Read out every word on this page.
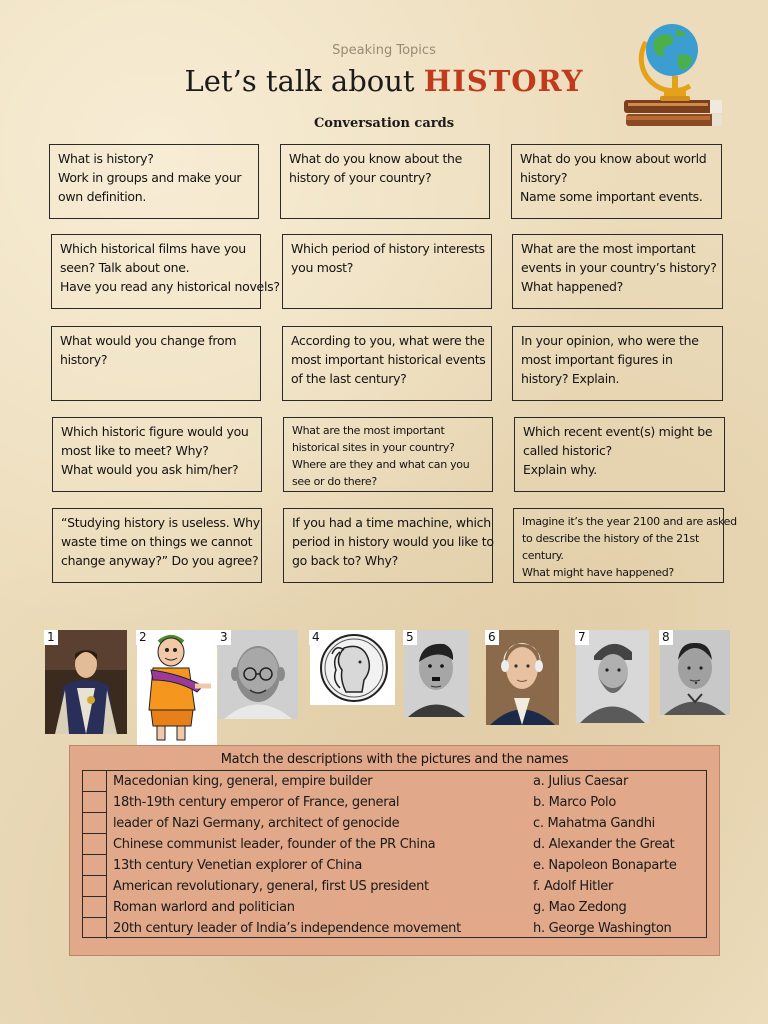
Speaking Topics
Let’s talk about HISTORY
Conversation cards
What is history?
Work in groups and make your
own definition.
What do you know about the
history of your country?
What do you know about world
history?
Name some important events.
Which historical films have you
seen? Talk about one.
Have you read any historical novels?
Which period of history interests
you most?
What are the most important
events in your country’s history?
What happened?
What would you change from
history?
According to you, what were the
most important historical events
of the last century?
In your opinion, who were the
most important figures in
history? Explain.
Which historic figure would you
most like to meet? Why?
What would you ask him/her?
What are the most important
historical sites in your country?
Where are they and what can you
see or do there?
Which recent event(s) might be
called historic?
Explain why.
“Studying history is useless. Why
waste time on things we cannot
change anyway?” Do you agree?
If you had a time machine, which
period in history would you like to
go back to? Why?
Imagine it’s the year 2100 and are asked
to describe the history of the 21st
century.
What might have happened?
1	2	3	4	5	6	7	8
Match the descriptions with the pictures and the names
Macedonian king, general, empire builder	a. Julius Caesar
18th-19th century emperor of France, general	b. Marco Polo
leader of Nazi Germany, architect of genocide	c. Mahatma Gandhi
Chinese communist leader, founder of the PR China	d. Alexander the Great
13th century Venetian explorer of China	e. Napoleon Bonaparte
American revolutionary, general, first US president	f. Adolf Hitler
Roman warlord and politician	g. Mao Zedong
20th century leader of India’s independence movement	h. George Washington
